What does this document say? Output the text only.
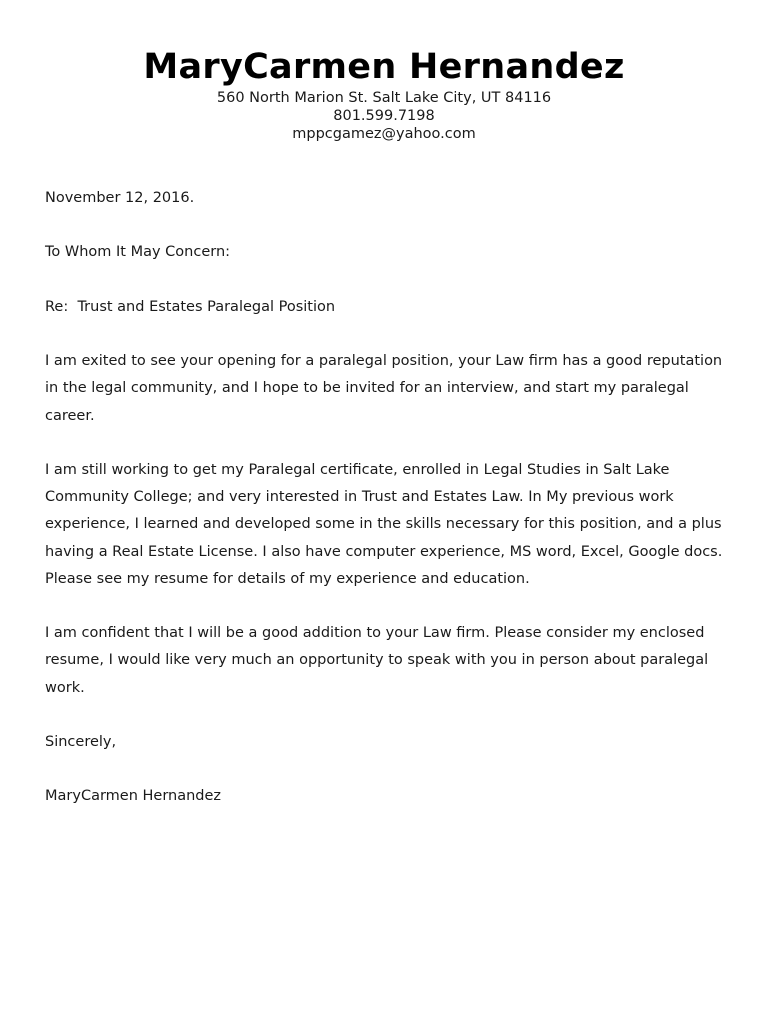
MaryCarmen Hernandez
560 North Marion St. Salt Lake City, UT 84116
801.599.7198
mppcgamez@yahoo.com

November 12, 2016.

To Whom It May Concern:

Re:  Trust and Estates Paralegal Position

I am exited to see your opening for a paralegal position, your Law firm has a good reputation in the legal community, and I hope to be invited for an interview, and start my paralegal career.

I am still working to get my Paralegal certificate, enrolled in Legal Studies in Salt Lake Community College; and very interested in Trust and Estates Law. In My previous work experience, I learned and developed some in the skills necessary for this position, and a plus having a Real Estate License. I also have computer experience, MS word, Excel, Google docs. Please see my resume for details of my experience and education.

I am confident that I will be a good addition to your Law firm. Please consider my enclosed resume, I would like very much an opportunity to speak with you in person about paralegal work.

Sincerely,

MaryCarmen Hernandez
